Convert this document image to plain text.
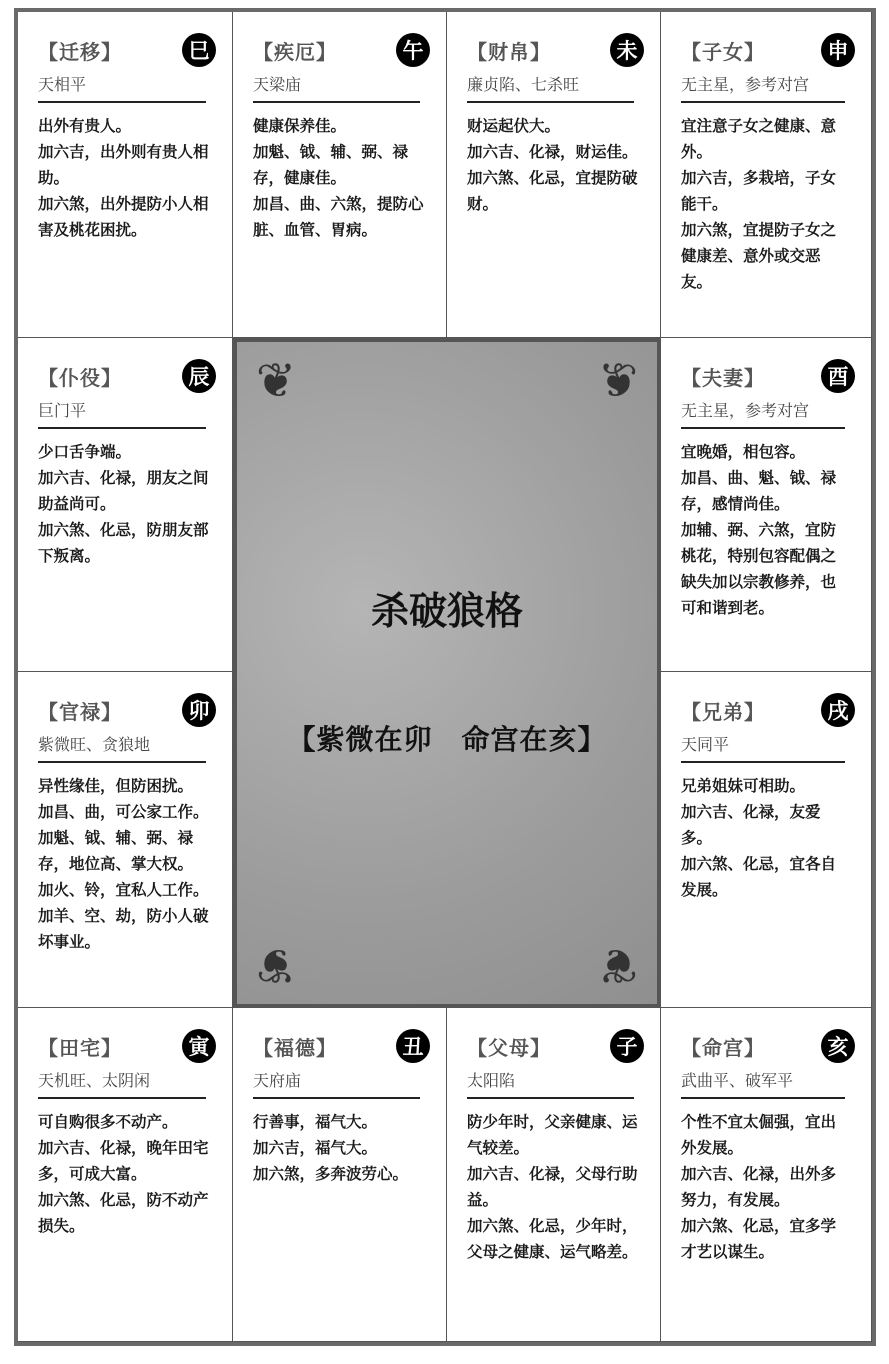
❦	❦
❦	❦
杀破狼格
【紫微在卯　命宫在亥】
【迁移】	巳
天相平

出外有贵人。

加六吉，出外则有贵人相助。

加六煞，出外提防小人相害及桃花困扰。

【疾厄】	午
天梁庙

健康保养佳。

加魁、钺、辅、弼、禄存，健康佳。

加昌、曲、六煞，提防心脏、血管、胃病。

【财帛】	未
廉贞陷、七杀旺

财运起伏大。

加六吉、化禄，财运佳。

加六煞、化忌，宜提防破财。

【子女】	申
无主星，参考对宫

宜注意子女之健康、意外。

加六吉，多栽培，子女能干。

加六煞，宜提防子女之健康差、意外或交恶友。

【仆役】	辰
巨门平

少口舌争端。

加六吉、化禄，朋友之间助益尚可。

加六煞、化忌，防朋友部下叛离。

【夫妻】	酉
无主星，参考对宫

宜晚婚，相包容。

加昌、曲、魁、钺、禄存，感情尚佳。

加辅、弼、六煞，宜防桃花，特别包容配偶之缺失加以宗教修养，也可和谐到老。

【官禄】	卯
紫微旺、贪狼地

异性缘佳，但防困扰。

加昌、曲，可公家工作。

加魁、钺、辅、弼、禄存，地位高、掌大权。

加火、铃，宜私人工作。

加羊、空、劫，防小人破坏事业。

【兄弟】	戌
天同平

兄弟姐妹可相助。

加六吉、化禄，友爱多。

加六煞、化忌，宜各自发展。

【田宅】	寅
天机旺、太阴闲

可自购很多不动产。

加六吉、化禄，晚年田宅多，可成大富。

加六煞、化忌，防不动产损失。

【福德】	丑
天府庙

行善事，福气大。

加六吉，福气大。

加六煞，多奔波劳心。

【父母】	子
太阳陷

防少年时，父亲健康、运气较差。

加六吉、化禄，父母行助益。

加六煞、化忌，少年时，父母之健康、运气略差。

【命宫】	亥
武曲平、破军平

个性不宜太倔强，宜出外发展。

加六吉、化禄，出外多努力，有发展。

加六煞、化忌，宜多学才艺以谋生。
